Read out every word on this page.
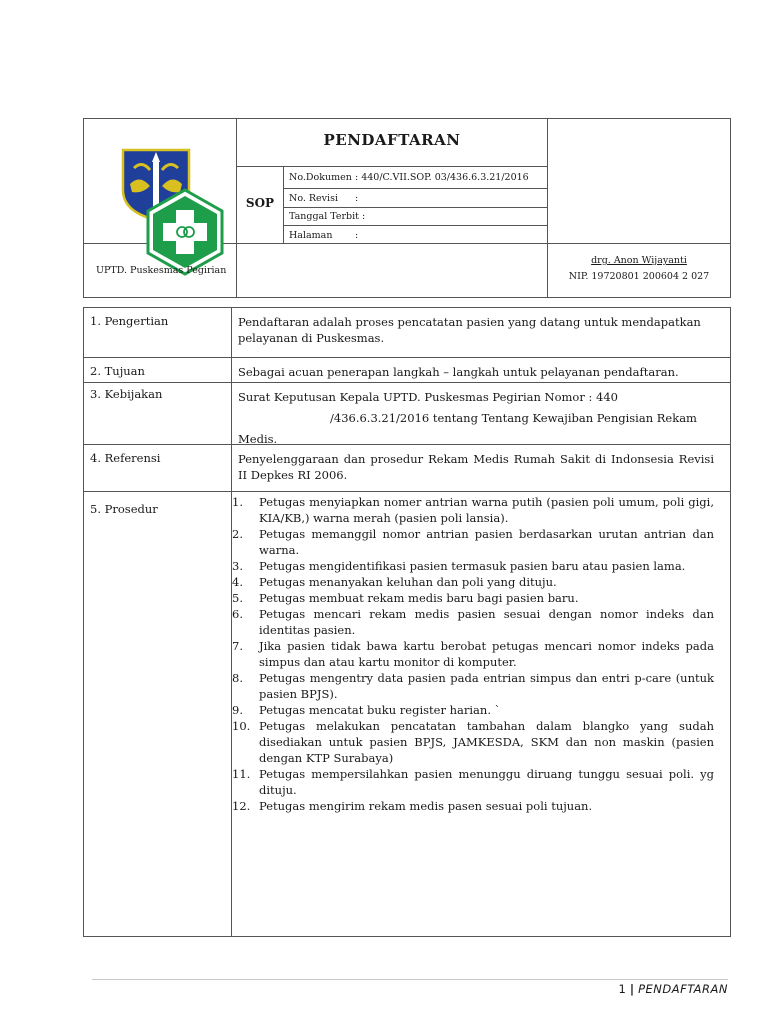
PENDAFTARAN
SOP
No.Dokumen : 440/C.VII.SOP. 03/436.6.3.21/2016
No. Revisi :
Tanggal Terbit :
Halaman :
UPTD. Puskesmas Pegirian
drg. Anon Wijayanti
NIP. 19720801 200604 2 027
1. Pengertian	Pendaftaran adalah proses pencatatan pasien yang datang untuk mendapatkan pelayanan di Puskesmas.
2. Tujuan	Sebagai acuan penerapan langkah – langkah untuk pelayanan pendaftaran.
3. Kebijakan	Surat Keputusan Kepala UPTD. Puskesmas Pegirian Nomor : 440
/436.6.3.21/2016 tentang Tentang Kewajiban Pengisian Rekam
Medis.
4. Referensi	Penyelenggaraan dan prosedur Rekam Medis Rumah Sakit di Indonsesia Revisi II Depkes RI 2006.
5. Prosedur	1.	Petugas menyiapkan nomer antrian warna putih (pasien poli umum, poli gigi, KIA/KB,) warna merah (pasien poli lansia).
2.	Petugas memanggil nomor antrian pasien berdasarkan urutan antrian dan warna.
3.	Petugas mengidentifikasi pasien termasuk pasien baru atau pasien lama.
4.	Petugas menanyakan keluhan dan poli yang dituju.
5.	Petugas membuat rekam medis baru bagi pasien baru.
6.	Petugas mencari rekam medis pasien sesuai dengan nomor indeks dan identitas pasien.
7.	Jika pasien tidak bawa kartu berobat petugas mencari nomor indeks pada simpus dan atau kartu monitor di komputer.
8.	Petugas mengentry data pasien pada entrian simpus dan entri p-care (untuk pasien BPJS).
9.	Petugas mencatat buku register harian. `
10. Petugas melakukan pencatatan tambahan dalam blangko yang sudah disediakan untuk pasien BPJS, JAMKESDA, SKM dan non maskin (pasien dengan KTP Surabaya)
11. Petugas mempersilahkan pasien menunggu diruang tunggu sesuai poli. yg dituju.
12. Petugas mengirim rekam medis pasen sesuai poli tujuan.
1 | PENDAFTARAN
